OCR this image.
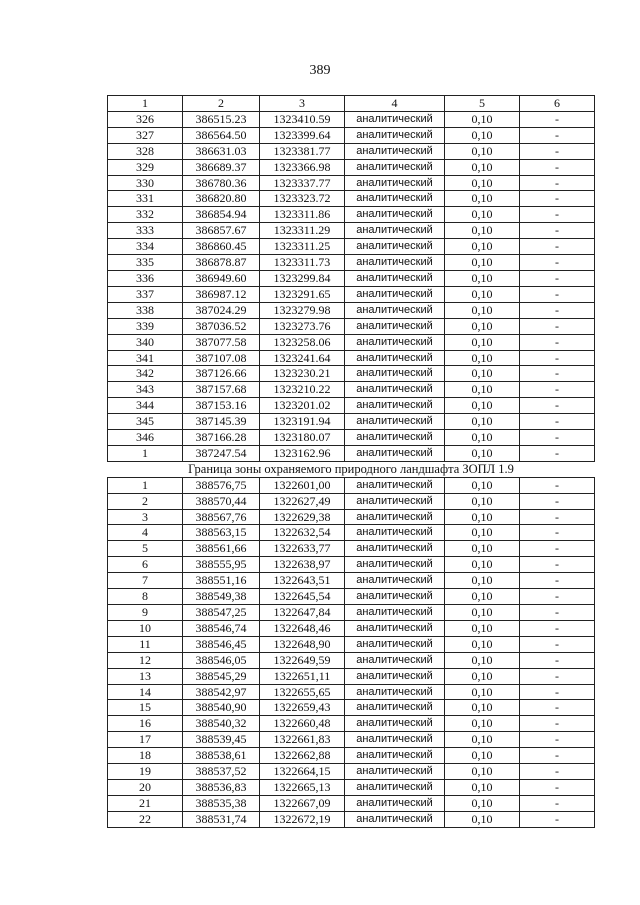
389
1	2	3	4	5	6
326	386515.23	1323410.59	аналитический	0,10	-
327	386564.50	1323399.64	аналитический	0,10	-
328	386631.03	1323381.77	аналитический	0,10	-
329	386689.37	1323366.98	аналитический	0,10	-
330	386780.36	1323337.77	аналитический	0,10	-
331	386820.80	1323323.72	аналитический	0,10	-
332	386854.94	1323311.86	аналитический	0,10	-
333	386857.67	1323311.29	аналитический	0,10	-
334	386860.45	1323311.25	аналитический	0,10	-
335	386878.87	1323311.73	аналитический	0,10	-
336	386949.60	1323299.84	аналитический	0,10	-
337	386987.12	1323291.65	аналитический	0,10	-
338	387024.29	1323279.98	аналитический	0,10	-
339	387036.52	1323273.76	аналитический	0,10	-
340	387077.58	1323258.06	аналитический	0,10	-
341	387107.08	1323241.64	аналитический	0,10	-
342	387126.66	1323230.21	аналитический	0,10	-
343	387157.68	1323210.22	аналитический	0,10	-
344	387153.16	1323201.02	аналитический	0,10	-
345	387145.39	1323191.94	аналитический	0,10	-
346	387166.28	1323180.07	аналитический	0,10	-
1	387247.54	1323162.96	аналитический	0,10	-
Граница зоны охраняемого природного ландшафта ЗОПЛ 1.9					
1	388576,75	1322601,00	аналитический	0,10	-
2	388570,44	1322627,49	аналитический	0,10	-
3	388567,76	1322629,38	аналитический	0,10	-
4	388563,15	1322632,54	аналитический	0,10	-
5	388561,66	1322633,77	аналитический	0,10	-
6	388555,95	1322638,97	аналитический	0,10	-
7	388551,16	1322643,51	аналитический	0,10	-
8	388549,38	1322645,54	аналитический	0,10	-
9	388547,25	1322647,84	аналитический	0,10	-
10	388546,74	1322648,46	аналитический	0,10	-
11	388546,45	1322648,90	аналитический	0,10	-
12	388546,05	1322649,59	аналитический	0,10	-
13	388545,29	1322651,11	аналитический	0,10	-
14	388542,97	1322655,65	аналитический	0,10	-
15	388540,90	1322659,43	аналитический	0,10	-
16	388540,32	1322660,48	аналитический	0,10	-
17	388539,45	1322661,83	аналитический	0,10	-
18	388538,61	1322662,88	аналитический	0,10	-
19	388537,52	1322664,15	аналитический	0,10	-
20	388536,83	1322665,13	аналитический	0,10	-
21	388535,38	1322667,09	аналитический	0,10	-
22	388531,74	1322672,19	аналитический	0,10	-
